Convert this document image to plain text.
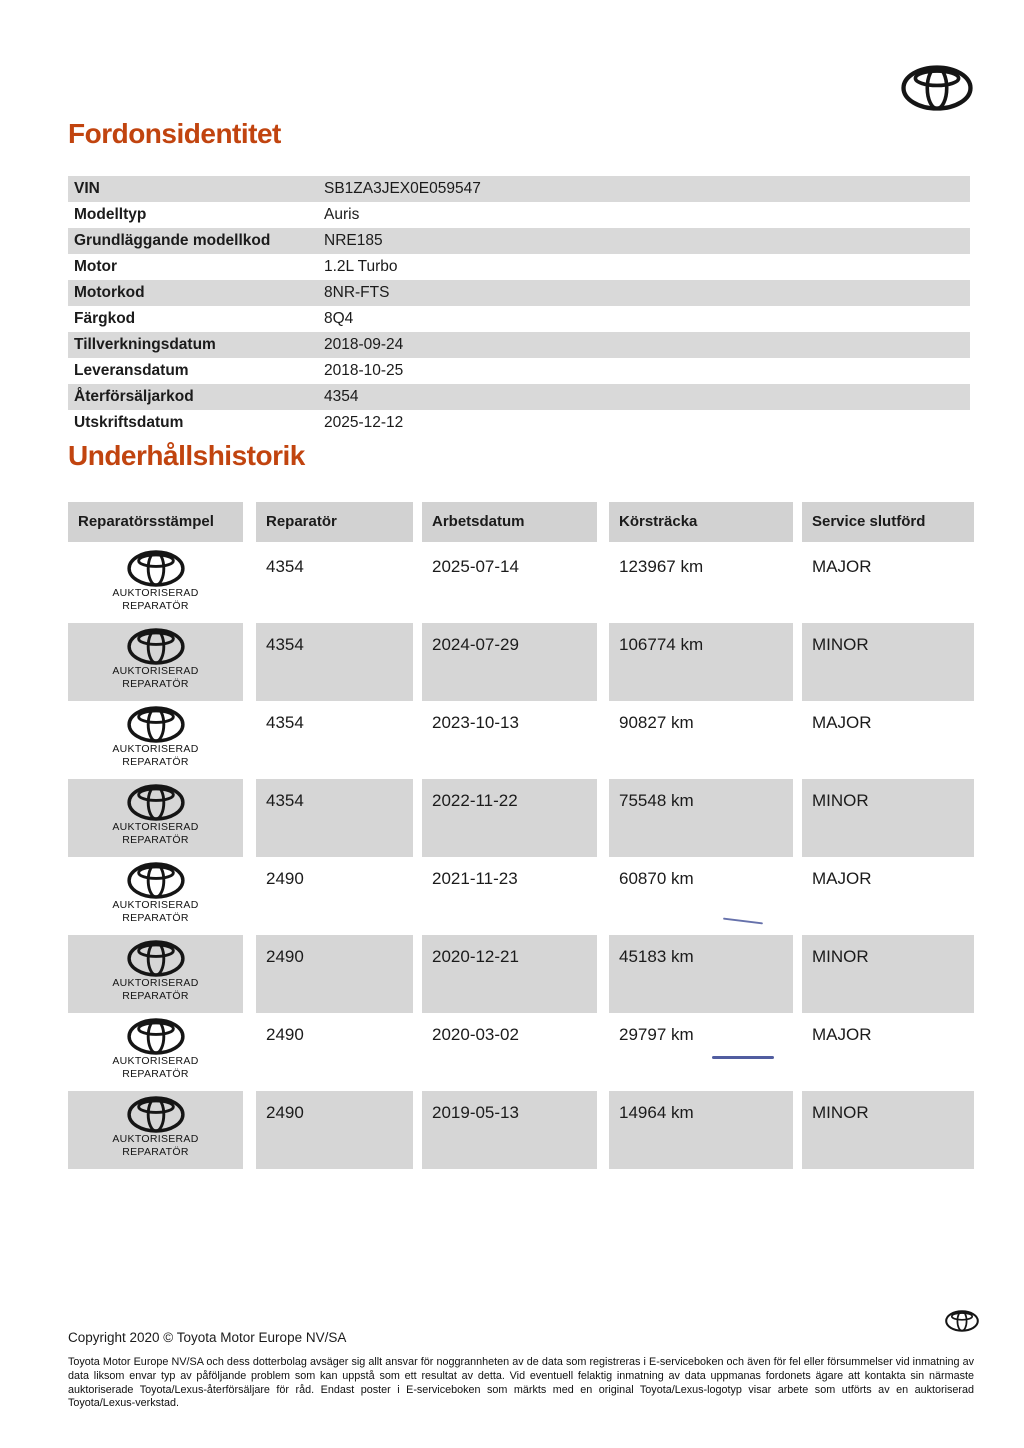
Fordonsidentitet
VIN	SB1ZA3JEX0E059547
Modelltyp	Auris
Grundläggande modellkod	NRE185
Motor	1.2L Turbo
Motorkod	8NR-FTS
Färgkod	8Q4
Tillverkningsdatum	2018-09-24
Leveransdatum	2018-10-25
Återförsäljarkod	4354
Utskriftsdatum	2025-12-12
Underhållshistorik
Reparatörsstämpel	Reparatör	Arbetsdatum	Körsträcka	Service slutförd
AUKTORISERAD
REPARATÖR
4354	2025-07-14	123967 km	MAJOR
AUKTORISERAD
REPARATÖR
4354	2024-07-29	106774 km	MINOR
AUKTORISERAD
REPARATÖR
4354	2023-10-13	90827 km	MAJOR
AUKTORISERAD
REPARATÖR
4354	2022-11-22	75548 km	MINOR
AUKTORISERAD
REPARATÖR
2490	2021-11-23	60870 km	MAJOR
AUKTORISERAD
REPARATÖR
2490	2020-12-21	45183 km	MINOR
AUKTORISERAD
REPARATÖR
2490	2020-03-02	29797 km	MAJOR
AUKTORISERAD
REPARATÖR
2490	2019-05-13	14964 km	MINOR
Copyright 2020 © Toyota Motor Europe NV/SA
Toyota Motor Europe NV/SA och dess dotterbolag avsäger sig allt ansvar för noggrannheten av de data som registreras i E-serviceboken och även för fel eller försummelser vid inmatning av data liksom envar typ av påföljande problem som kan uppstå som ett resultat av detta. Vid eventuell felaktig inmatning av data uppmanas fordonets ägare att kontakta sin närmaste auktoriserade Toyota/Lexus-återförsäljare för råd. Endast poster i E-serviceboken som märkts med en original Toyota/Lexus-logotyp visar arbete som utförts av en auktoriserad Toyota/Lexus-verkstad.
